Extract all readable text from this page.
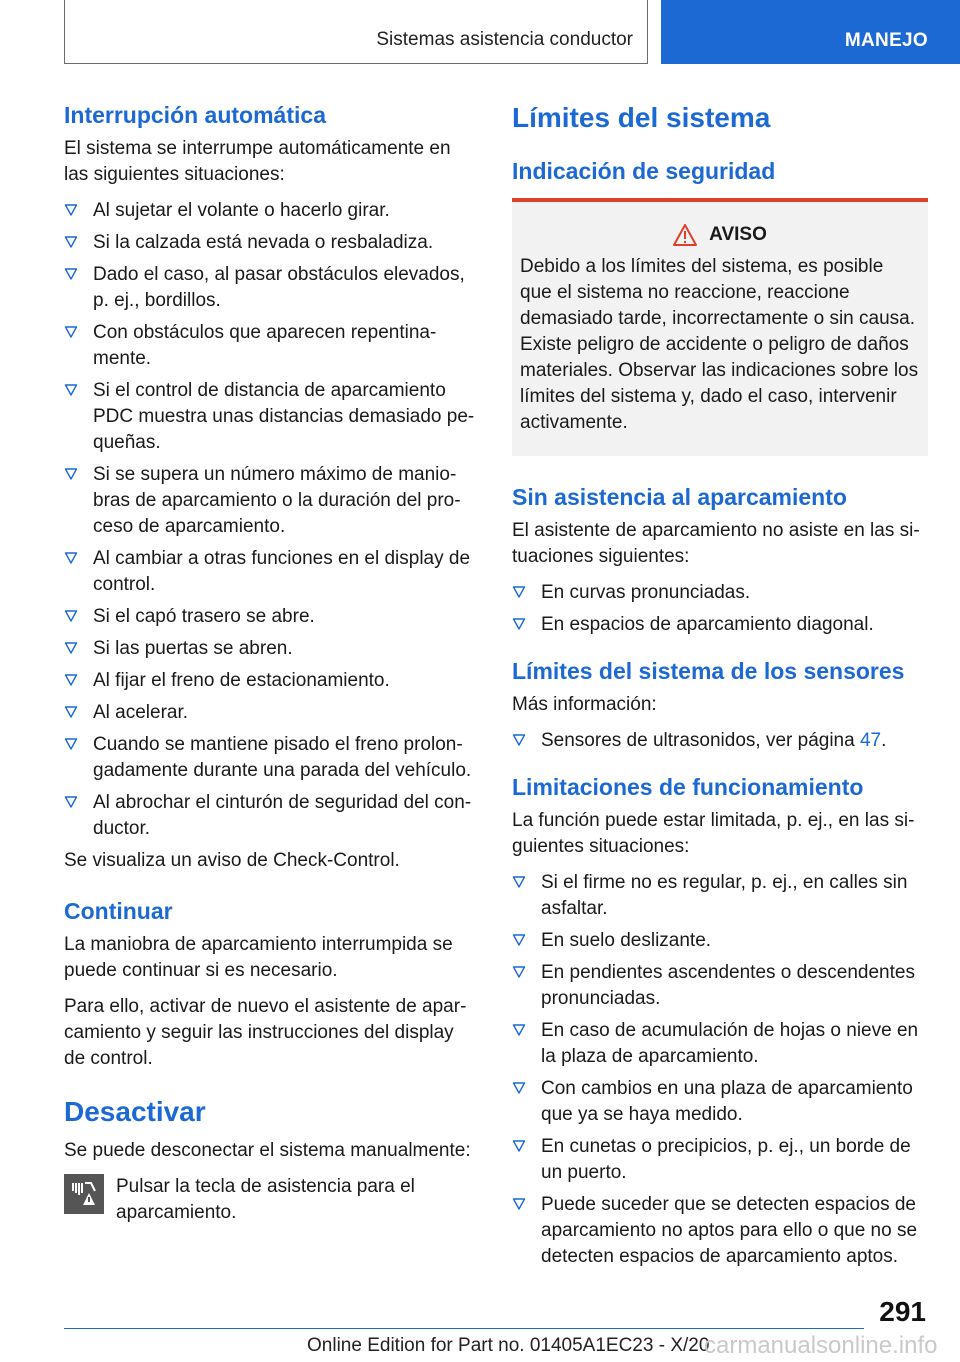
Sistemas asistencia conductor	MANEJO
Interrupción automática
El sistema se interrumpe automáticamente en las siguientes situaciones:
Al sujetar el volante o hacerlo girar.
Si la calzada está nevada o resbaladiza.
Dado el caso, al pasar obstáculos elevados, p. ej., bordillos.
Con obstáculos que aparecen repentinamente.
Si el control de distancia de aparcamiento PDC muestra unas distancias demasiado pequeñas.
Si se supera un número máximo de maniobras de aparcamiento o la duración del proceso de aparcamiento.
Al cambiar a otras funciones en el display de control.
Si el capó trasero se abre.
Si las puertas se abren.
Al fijar el freno de estacionamiento.
Al acelerar.
Cuando se mantiene pisado el freno prolongadamente durante una parada del vehículo.
Al abrochar el cinturón de seguridad del conductor.
Se visualiza un aviso de Check-Control.
Continuar
La maniobra de aparcamiento interrumpida se puede continuar si es necesario.
Para ello, activar de nuevo el asistente de aparcamiento y seguir las instrucciones del display de control.
Desactivar
Se puede desconectar el sistema manualmente:
Pulsar la tecla de asistencia para el aparcamiento.
Límites del sistema
Indicación de seguridad
AVISO
Debido a los límites del sistema, es posible que el sistema no reaccione, reaccione demasiado tarde, incorrectamente o sin causa. Existe peligro de accidente o peligro de daños materiales. Observar las indicaciones sobre los límites del sistema y, dado el caso, intervenir activamente.
Sin asistencia al aparcamiento
El asistente de aparcamiento no asiste en las situaciones siguientes:
En curvas pronunciadas.
En espacios de aparcamiento diagonal.
Límites del sistema de los sensores
Más información:
Sensores de ultrasonidos, ver página 47.
Limitaciones de funcionamiento
La función puede estar limitada, p. ej., en las siguientes situaciones:
Si el firme no es regular, p. ej., en calles sin asfaltar.
En suelo deslizante.
En pendientes ascendentes o descendentes pronunciadas.
En caso de acumulación de hojas o nieve en la plaza de aparcamiento.
Con cambios en una plaza de aparcamiento que ya se haya medido.
En cunetas o precipicios, p. ej., un borde de un puerto.
Puede suceder que se detecten espacios de aparcamiento no aptos para ello o que no se detecten espacios de aparcamiento aptos.
291
Online Edition for Part no. 01405A1EC23 - X/20
carmanualsonline.info
